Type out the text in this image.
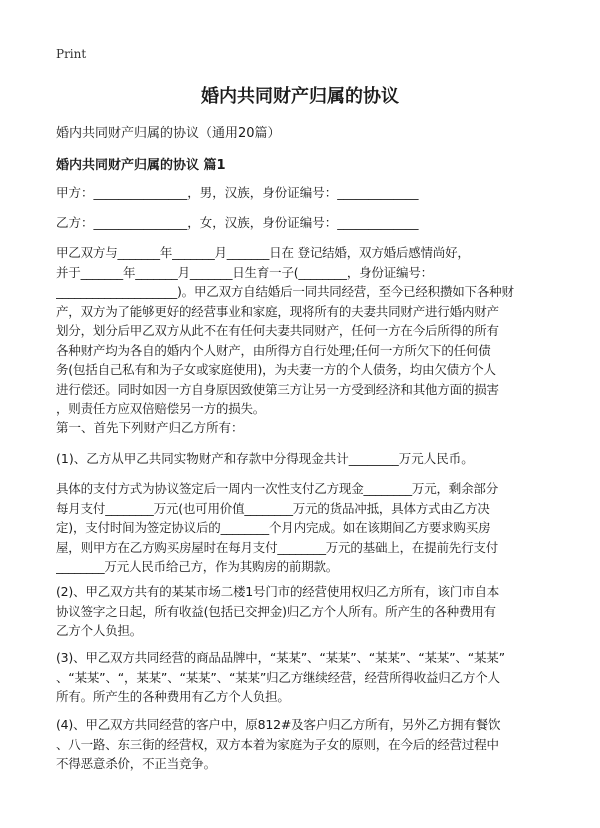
Print
婚内共同财产归属的协议
婚内共同财产归属的协议（通用20篇）
婚内共同财产归属的协议 篇1
甲方：_______________，男，汉族，身份证编号：_____________
乙方：_______________，女，汉族，身份证编号：_____________
甲乙双方与_______年_______月_______日在 登记结婚，双方婚后感情尚好，
并于_______年_______月_______日生育一子(________，身份证编号：
____________________)。甲乙双方自结婚后一同共同经营，至今已经积攒如下各种财
产，双方为了能够更好的经营事业和家庭，现将所有的夫妻共同财产进行婚内财产
划分，划分后甲乙双方从此不在有任何夫妻共同财产，任何一方在今后所得的所有
各种财产均为各自的婚内个人财产，由所得方自行处理;任何一方所欠下的任何债
务(包括自己私有和为子女或家庭使用)，为夫妻一方的个人债务，均由欠债方个人
进行偿还。同时如因一方自身原因致使第三方让另一方受到经济和其他方面的损害
，则责任方应双倍赔偿另一方的损失。
第一、首先下列财产归乙方所有：
(1)、乙方从甲乙共同实物财产和存款中分得现金共计________万元人民币。
具体的支付方式为协议签定后一周内一次性支付乙方现金________万元，剩余部分
每月支付________万元(也可用价值________万元的货品冲抵，具体方式由乙方决
定)，支付时间为签定协议后的________个月内完成。如在该期间乙方要求购买房
屋，则甲方在乙方购买房屋时在每月支付________万元的基础上，在提前先行支付
________万元人民币给己方，作为其购房的前期款。
(2)、甲乙双方共有的某某市场二楼1号门市的经营使用权归乙方所有，该门市自本
协议签字之日起，所有收益(包括已交押金)归乙方个人所有。所产生的各种费用有
乙方个人负担。
(3)、甲乙双方共同经营的商品品牌中，“某某”、“某某”、“某某”、“某某”、“某某”
、“某某”、“，某某”、“某某”、“某某”归乙方继续经营，经营所得收益归乙方个人
所有。所产生的各种费用有乙方个人负担。
(4)、甲乙双方共同经营的客户中，原812#及客户归乙方所有，另外乙方拥有餐饮
、八一路、东三街的经营权，双方本着为家庭为子女的原则，在今后的经营过程中
不得恶意杀价，不正当竞争。
